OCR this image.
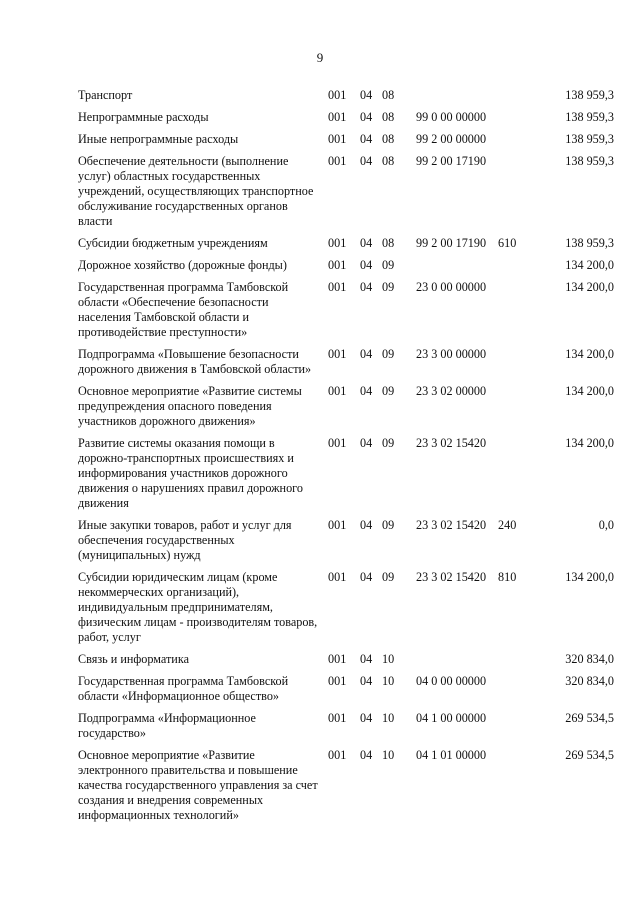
9
Транспорт	001	04	08			138 959,3
Непрограммные расходы	001	04	08	99 0 00 00000		138 959,3
Иные непрограммные расходы	001	04	08	99 2 00 00000		138 959,3
Обеспечение деятельности (выполнение услуг) областных государственных учреждений, осуществляющих транспортное обслуживание государственных органов власти	001	04	08	99 2 00 17190		138 959,3
Субсидии бюджетным учреждениям	001	04	08	99 2 00 17190	610	138 959,3
Дорожное хозяйство (дорожные фонды)	001	04	09			134 200,0
Государственная программа Тамбовской области «Обеспечение безопасности населения Тамбовской области и противодействие преступности»	001	04	09	23 0 00 00000		134 200,0
Подпрограмма «Повышение безопасности дорожного движения в Тамбовской области»	001	04	09	23 3 00 00000		134 200,0
Основное мероприятие «Развитие системы предупреждения опасного поведения участников дорожного движения»	001	04	09	23 3 02 00000		134 200,0
Развитие системы оказания помощи в дорожно-транспортных происшествиях и информирования участников дорожного движения о нарушениях правил дорожного движения	001	04	09	23 3 02 15420		134 200,0
Иные закупки товаров, работ и услуг для обеспечения государственных (муниципальных) нужд	001	04	09	23 3 02 15420	240	0,0
Субсидии юридическим лицам (кроме некоммерческих организаций), индивидуальным предпринимателям, физическим лицам - производителям товаров, работ, услуг	001	04	09	23 3 02 15420	810	134 200,0
Связь и информатика	001	04	10			320 834,0
Государственная программа Тамбовской области «Информационное общество»	001	04	10	04 0 00 00000		320 834,0
Подпрограмма «Информационное государство»	001	04	10	04 1 00 00000		269 534,5
Основное мероприятие «Развитие электронного правительства и повышение качества государственного управления за счет создания и внедрения современных информационных технологий»	001	04	10	04 1 01 00000		269 534,5
